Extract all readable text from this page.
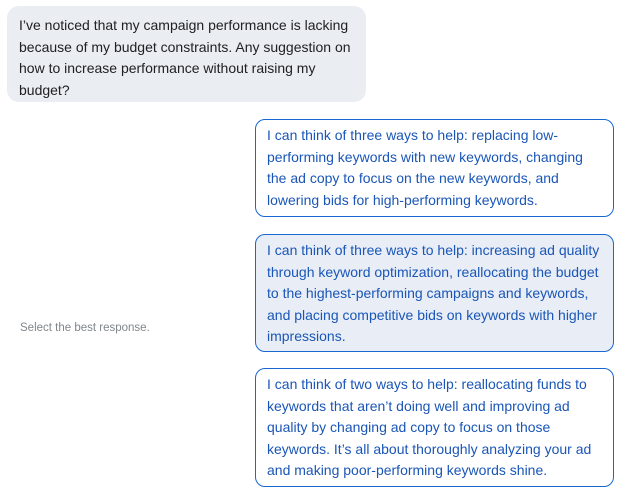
I’ve noticed that my campaign performance is lacking because of my budget constraints. Any suggestion on how to increase performance without raising my budget?
Select the best response.
I can think of three ways to help: replacing low-performing keywords with new keywords, changing the ad copy to focus on the new keywords, and lowering bids for high-performing keywords.
I can think of three ways to help: increasing ad quality through keyword optimization, reallocating the budget to the highest-performing campaigns and keywords, and placing competitive bids on keywords with higher impressions.
I can think of two ways to help: reallocating funds to keywords that aren’t doing well and improving ad quality by changing ad copy to focus on those keywords. It’s all about thoroughly analyzing your ad and making poor-performing keywords shine.
